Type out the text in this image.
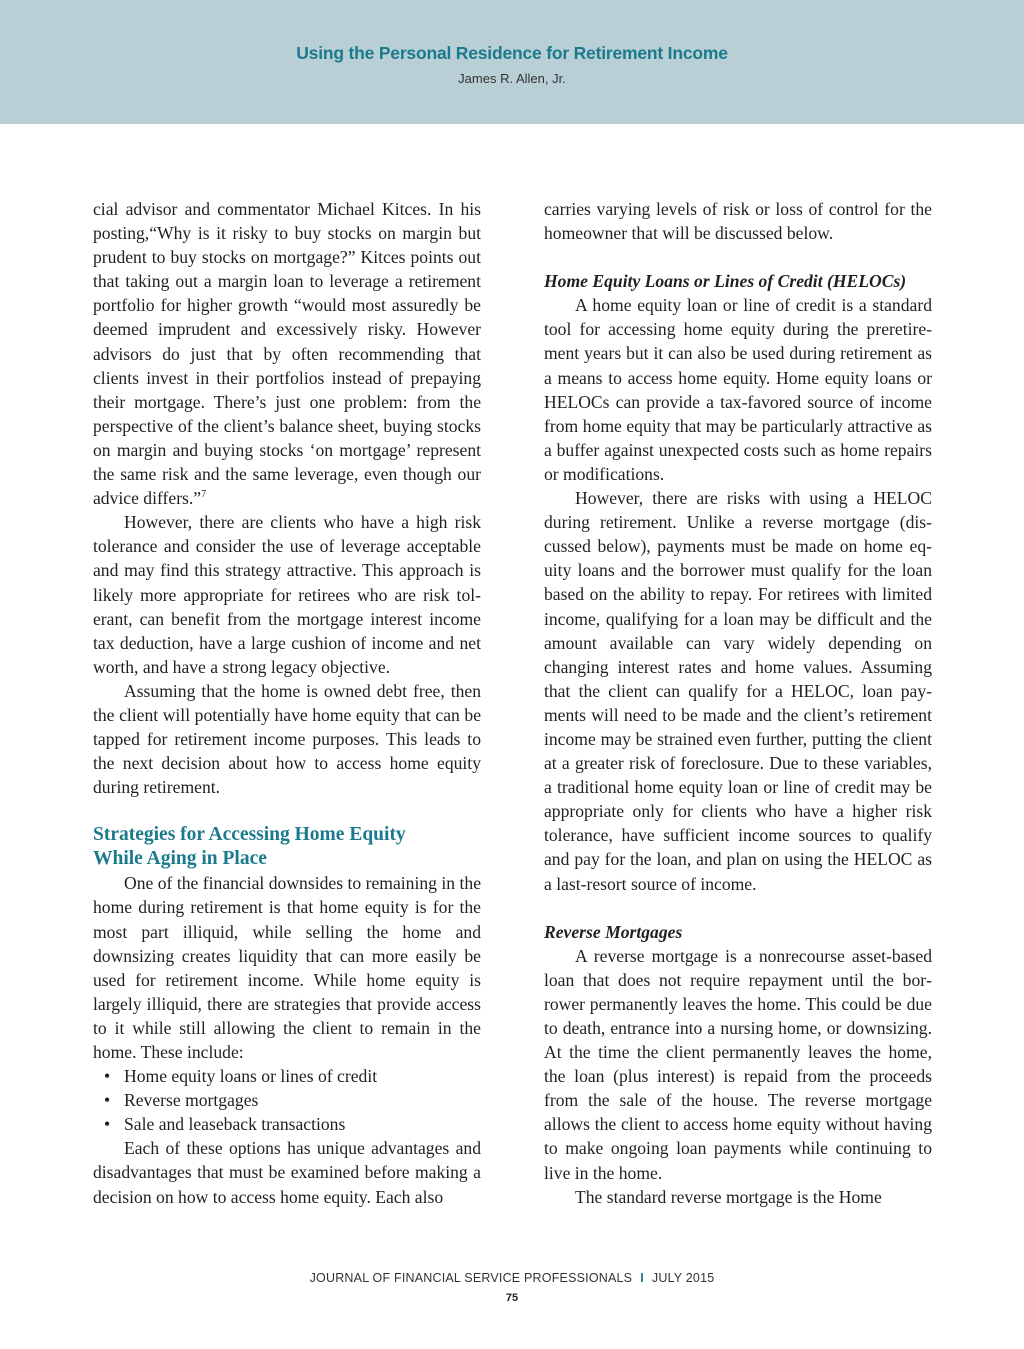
Using the Personal Residence for Retirement Income
James R. Allen, Jr.

cial advisor and commentator Michael Kitces. In his posting,“Why is it risky to buy stocks on margin but prudent to buy stocks on mortgage?” Kitces points out that taking out a margin loan to leverage a retirement portfolio for higher growth “would most assuredly be deemed imprudent and excessively risky. However advisors do just that by often recommending that clients invest in their portfolios instead of prepaying their mortgage. There’s just one problem: from the perspective of the client’s balance sheet, buying stocks on margin and buying stocks ‘on mortgage’ represent the same risk and the same leverage, even though our advice differs.”$^7$

However, there are clients who have a high risk tolerance and consider the use of leverage acceptable and may find this strategy attractive. This approach is likely more appropriate for retirees who are risk tolerant, can benefit from the mortgage interest income tax deduction, have a large cushion of income and net worth, and have a strong legacy objective.

Assuming that the home is owned debt free, then the client will potentially have home equity that can be tapped for retirement income purposes. This leads to the next decision about how to access home equity during retirement.

Strategies for Accessing Home Equity
While Aging in Place

One of the financial downsides to remaining in the home during retirement is that home equity is for the most part illiquid, while selling the home and downsizing creates liquidity that can more easily be used for retirement income. While home equity is largely illiquid, there are strategies that provide access to it while still allowing the client to remain in the home. These include:

• Home equity loans or lines of credit
• Reverse mortgages
• Sale and leaseback transactions

Each of these options has unique advantages and disadvantages that must be examined before making a decision on how to access home equity. Each also

carries varying levels of risk or loss of control for the homeowner that will be discussed below.

Home Equity Loans or Lines of Credit (HELOCs)

A home equity loan or line of credit is a standard tool for accessing home equity during the preretirement years but it can also be used during retirement as a means to access home equity. Home equity loans or HELOCs can provide a tax-favored source of income from home equity that may be particularly attractive as a buffer against unexpected costs such as home repairs or modifications.

However, there are risks with using a HELOC during retirement. Unlike a reverse mortgage (discussed below), payments must be made on home equity loans and the borrower must qualify for the loan based on the ability to repay. For retirees with limited income, qualifying for a loan may be difficult and the amount available can vary widely depending on changing interest rates and home values. Assuming that the client can qualify for a HELOC, loan payments will need to be made and the client’s retirement income may be strained even further, putting the client at a greater risk of foreclosure. Due to these variables, a traditional home equity loan or line of credit may be appropriate only for clients who have a higher risk tolerance, have sufficient income sources to qualify and pay for the loan, and plan on using the HELOC as a last-resort source of income.

Reverse Mortgages

A reverse mortgage is a nonrecourse asset-based loan that does not require repayment until the borrower permanently leaves the home. This could be due to death, entrance into a nursing home, or downsizing. At the time the client permanently leaves the home, the loan (plus interest) is repaid from the proceeds from the sale of the house. The reverse mortgage allows the client to access home equity without having to make ongoing loan payments while continuing to live in the home.

The standard reverse mortgage is the Home

JOURNAL OF FINANCIAL SERVICE PROFESSIONALS I JULY 2015
75
